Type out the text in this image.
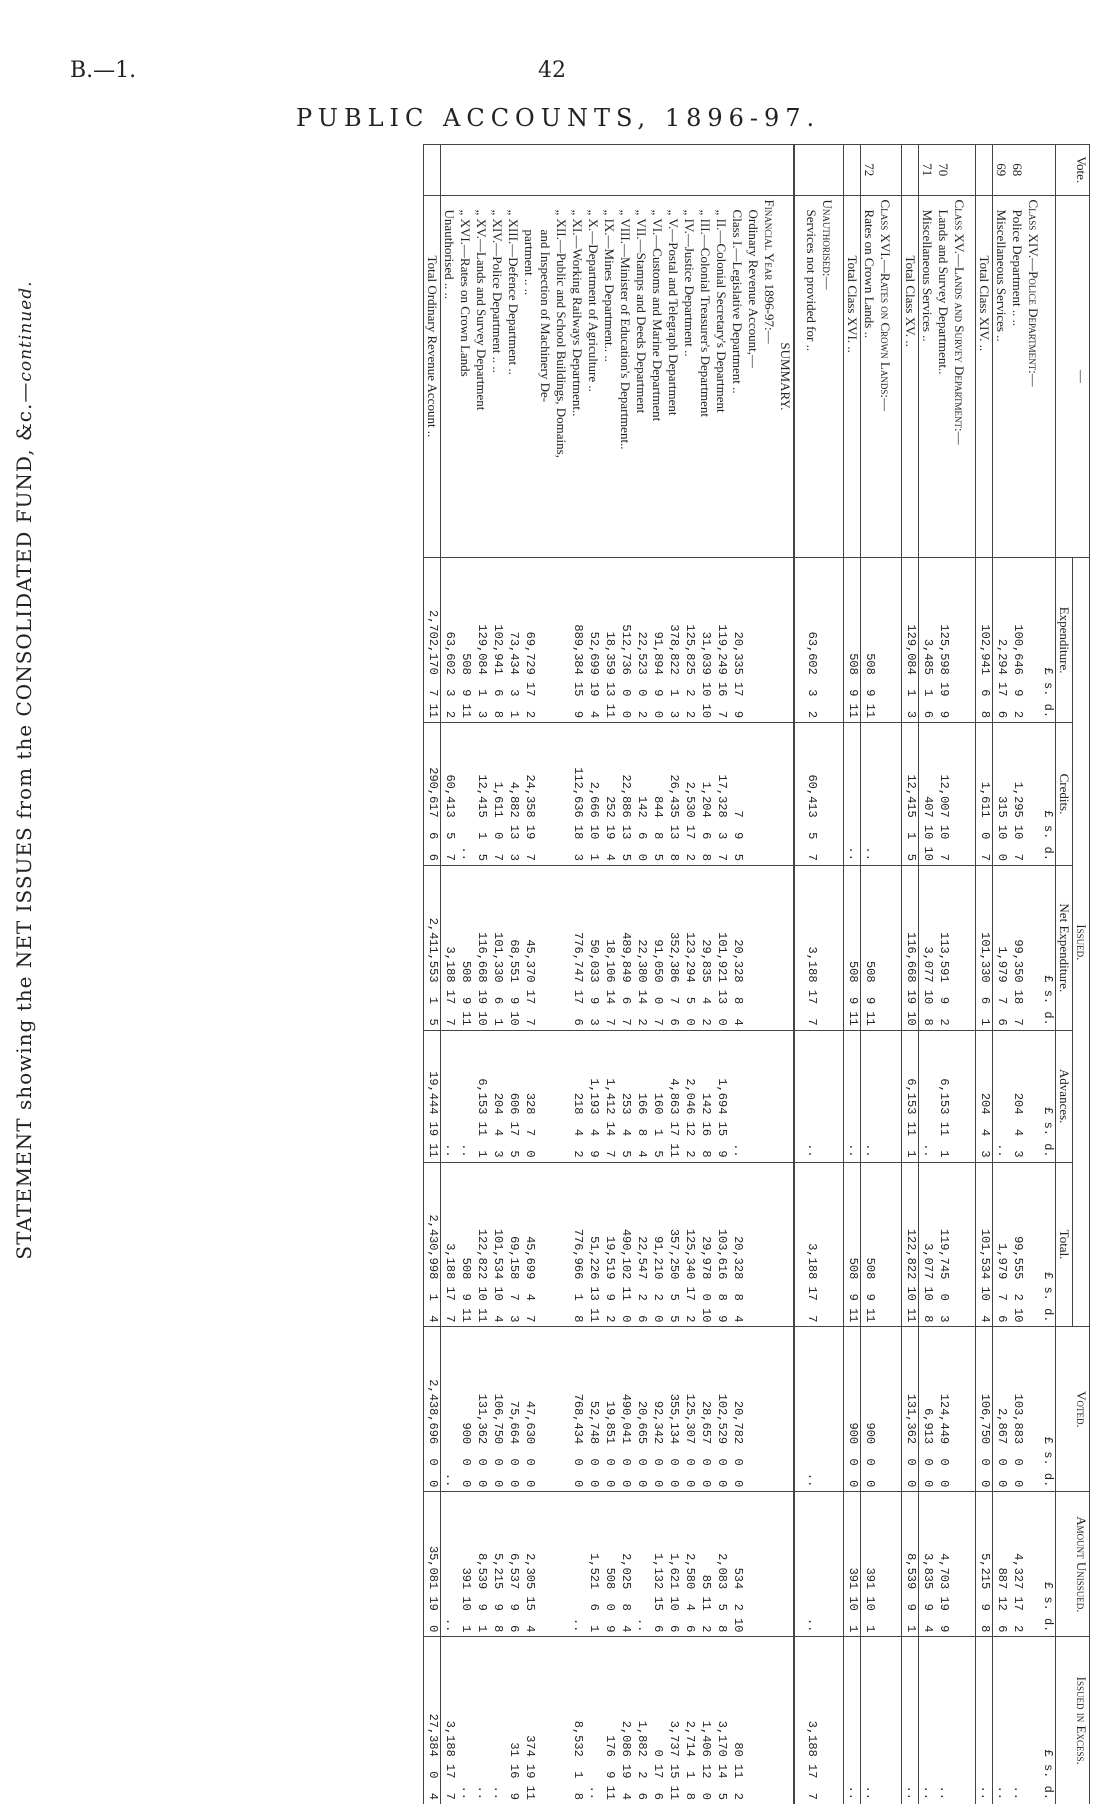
B.—1.	42
PUBLIC ACCOUNTS, 1896-97.
STATEMENT showing the NET ISSUES from the CONSOLIDATED FUND, &c.—continued.
Vote.	—	Issued.					Voted.	Amount Unissued.	Issued in Excess.
		Expenditure.	Credits.	Net Expenditure.	Advances.	Total.			
		£ s. d.	£ s. d.	£ s. d.	£ s. d.	£ s. d.	£ s. d.	£ s. d.	£ s. d.
	Class XIV.—Police Department:—								
68	Police Department .. ..	100,646  9  2	1,295 10  7	99,350 18  7	204  4  3	99,555  2 10	103,883  0  0	4,327 17  2	..
69	Miscellaneous Services ..	2,294 17  6	315 10  0	1,979  7  6	..	1,979  7  6	2,867  0  0	887 12  6	..
	Total Class XIV. ..	102,941  6  8	1,611  0  7	101,330  6  1	204  4  3	101,534 10  4	106,750  0  0	5,215  9  8	..

	Class XV.—Lands and Survey Department:—								
70	Lands and Survey Department..	125,598 19  9	12,007 10  7	113,591  9  2	6,153 11  1	119,745  0  3	124,449  0  0	4,703 19  9	..
71	Miscellaneous Services ..	3,485  1  6	407 10 10	3,077 10  8	..	3,077 10  8	6,913  0  0	3,835  9  4	..
	Total Class XV. ..	129,084  1  3	12,415  1  5	116,668 19 10	6,153 11  1	122,822 10 11	131,362  0  0	8,539  9  1	..

	Class XVI.—Rates on Crown Lands:—								
72	Rates on Crown Lands ..	508  9 11	..	508  9 11	..	508  9 11	900  0  0	391 10  1	..
	Total Class XVI. ..	508  9 11	..	508  9 11	..	508  9 11	900  0  0	391 10  1	..

	Unauthorised:—								
	Services not provided for ..	63,602  3  2	60,413  5  7	3,188 17  7	..	3,188 17  7	..	..	3,188 17  7

	SUMMARY.								
	Financial Year 1896-97:—								
	Ordinary Revenue Account,—								
	Class I.—Legislative Department ..	20,335 17  9	7  9  5	20,328  8  4	..	20,328  8  4	20,782  0  0	534  2 10	80 11  2
	„ II.—Colonial Secretary's Department	119,249 16  7	17,328  3  7	101,921 13  0	1,694 15  9	103,616  8  9	102,529  0  0	2,083  5  8	3,170 14  5
	„ III.—Colonial Treasurer's Department	31,039 10 10	1,204  6  8	29,835  4  2	142 16  8	29,978  0 10	28,657  0  0	85 11  2	1,406 12  0
	„ IV.—Justice Department ..	125,825  2  2	2,530 17  2	123,294  5  0	2,046 12  2	125,340 17  2	125,307  0  0	2,580  4  6	2,714  1  8
	„ V.—Postal and Telegraph Department	378,822  1  3	26,435 13  8	352,386  7  6	4,863 17 11	357,250  5  5	355,134  0  0	1,621 10  6	3,737 15 11
	„ VI.—Customs and Marine Department	91,894  9  0	844  8  5	91,050  0  7	160  1  5	91,210  2  0	92,342  0  0	1,132 15  6	0 17  6
	„ VII.—Stamps and Deeds Department	22,523  0  2	142  6  0	22,380 14  2	166  8  4	22,547  2  6	20,665  0  0	..	1,882  2  6
	„ VIII.—Minister of Education's Department..	512,736  0  0	22,886 13  5	489,849  6  7	253  4  5	490,102 11  0	490,041  0  0	2,025  8  4	2,086 19  4
	„ IX.—Mines Department.. ..	18,359 13 11	252 19  4	18,106 14  7	1,412 14  7	19,519  9  2	19,851  0  0	508  0  9	176  9 11
	„ X.—Department of Agriculture ..	52,699 19  4	2,666 10  1	50,033  9  3	1,193  4  9	51,226 13 11	52,748  0  0	1,521  6  1	..
	„ XI.—Working Railways Department..	889,384 15  9	112,636 18  3	776,747 17  6	218  4  2	776,966  1  8	768,434  0  0	..	8,532  1  8
	„ XII.—Public and School Buildings, Domains,								
	and Inspection of Machinery De-								
	partment .. ..	69,729 17  2	24,358 19  7	45,370 17  7	328  7  0	45,699  4  7	47,630  0  0	2,305 15  4	374 19 11
	„ XIII.—Defence Department ..	73,434  3  1	4,882 13  3	68,551  9 10	606 17  5	69,158  7  3	75,664  0  0	6,537  9  6	31 16  9
	„ XIV.—Police Department .. ..	102,941  6  8	1,611  0  7	101,330  6  1	204  4  3	101,534 10  4	106,750  0  0	5,215  9  8	..
	„ XV.—Lands and Survey Department	129,084  1  3	12,415  1  5	116,668 19 10	6,153 11  1	122,822 10 11	131,362  0  0	8,539  9  1	..
	„ XVI.—Rates on Crown Lands	508  9 11	..	508  9 11	..	508  9 11	900  0  0	391 10  1	..
	Unauthorised .. ..	63,602  3  2	60,413  5  7	3,188 17  7	..	3,188 17  7	..	..	3,188 17  7
	Total Ordinary Revenue Account ..	2,702,170  7 11	290,617  6  6	2,411,553  1  5	19,444 19 11	2,430,998  1  4	2,438,696  0  0	35,081 19  0	27,384  0  4
